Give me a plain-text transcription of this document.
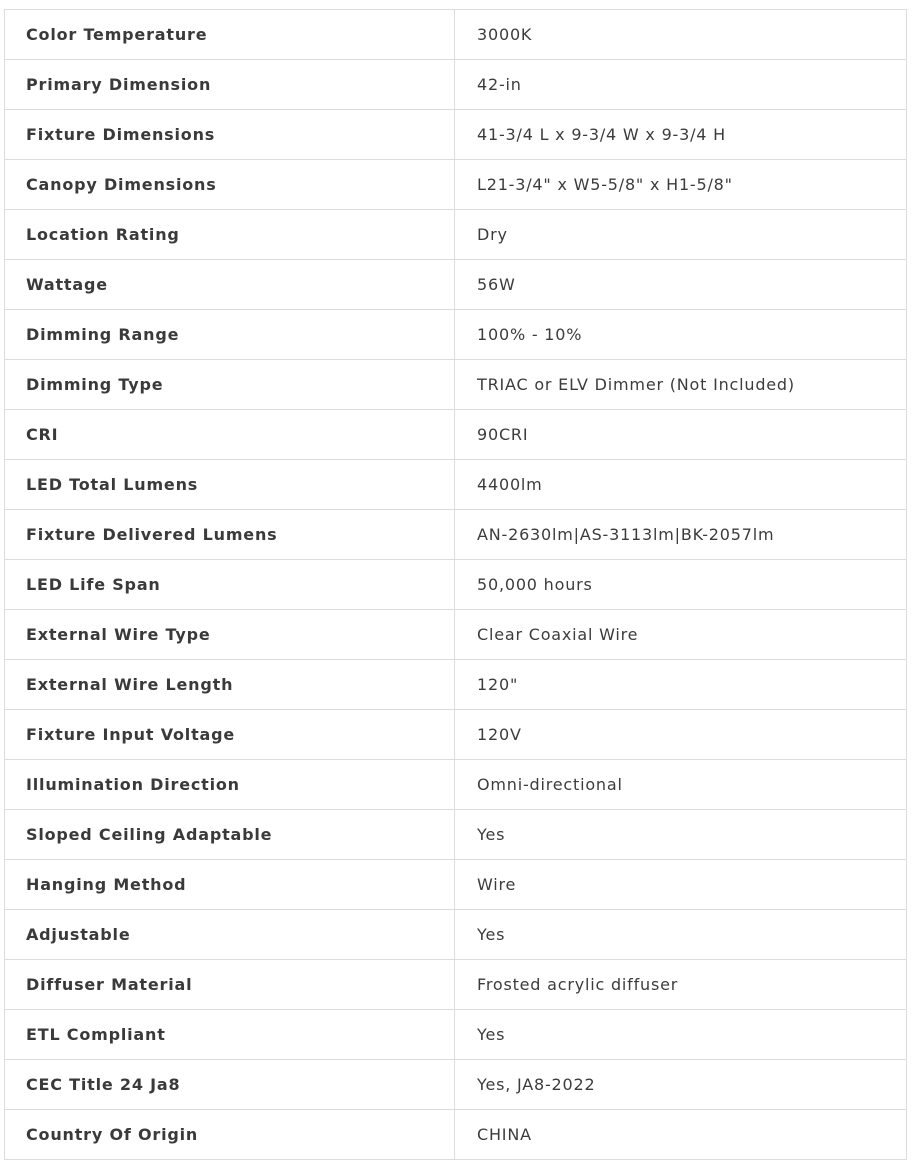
Color Temperature	3000K
Primary Dimension	42-in
Fixture Dimensions	41-3/4 L x 9-3/4 W x 9-3/4 H
Canopy Dimensions	L21-3/4" x W5-5/8" x H1-5/8"
Location Rating	Dry
Wattage	56W
Dimming Range	100% - 10%
Dimming Type	TRIAC or ELV Dimmer (Not Included)
CRI	90CRI
LED Total Lumens	4400lm
Fixture Delivered Lumens	AN-2630lm|AS-3113lm|BK-2057lm
LED Life Span	50,000 hours
External Wire Type	Clear Coaxial Wire
External Wire Length	120"
Fixture Input Voltage	120V
Illumination Direction	Omni-directional
Sloped Ceiling Adaptable	Yes
Hanging Method	Wire
Adjustable	Yes
Diffuser Material	Frosted acrylic diffuser
ETL Compliant	Yes
CEC Title 24 Ja8	Yes, JA8-2022
Country Of Origin	CHINA
